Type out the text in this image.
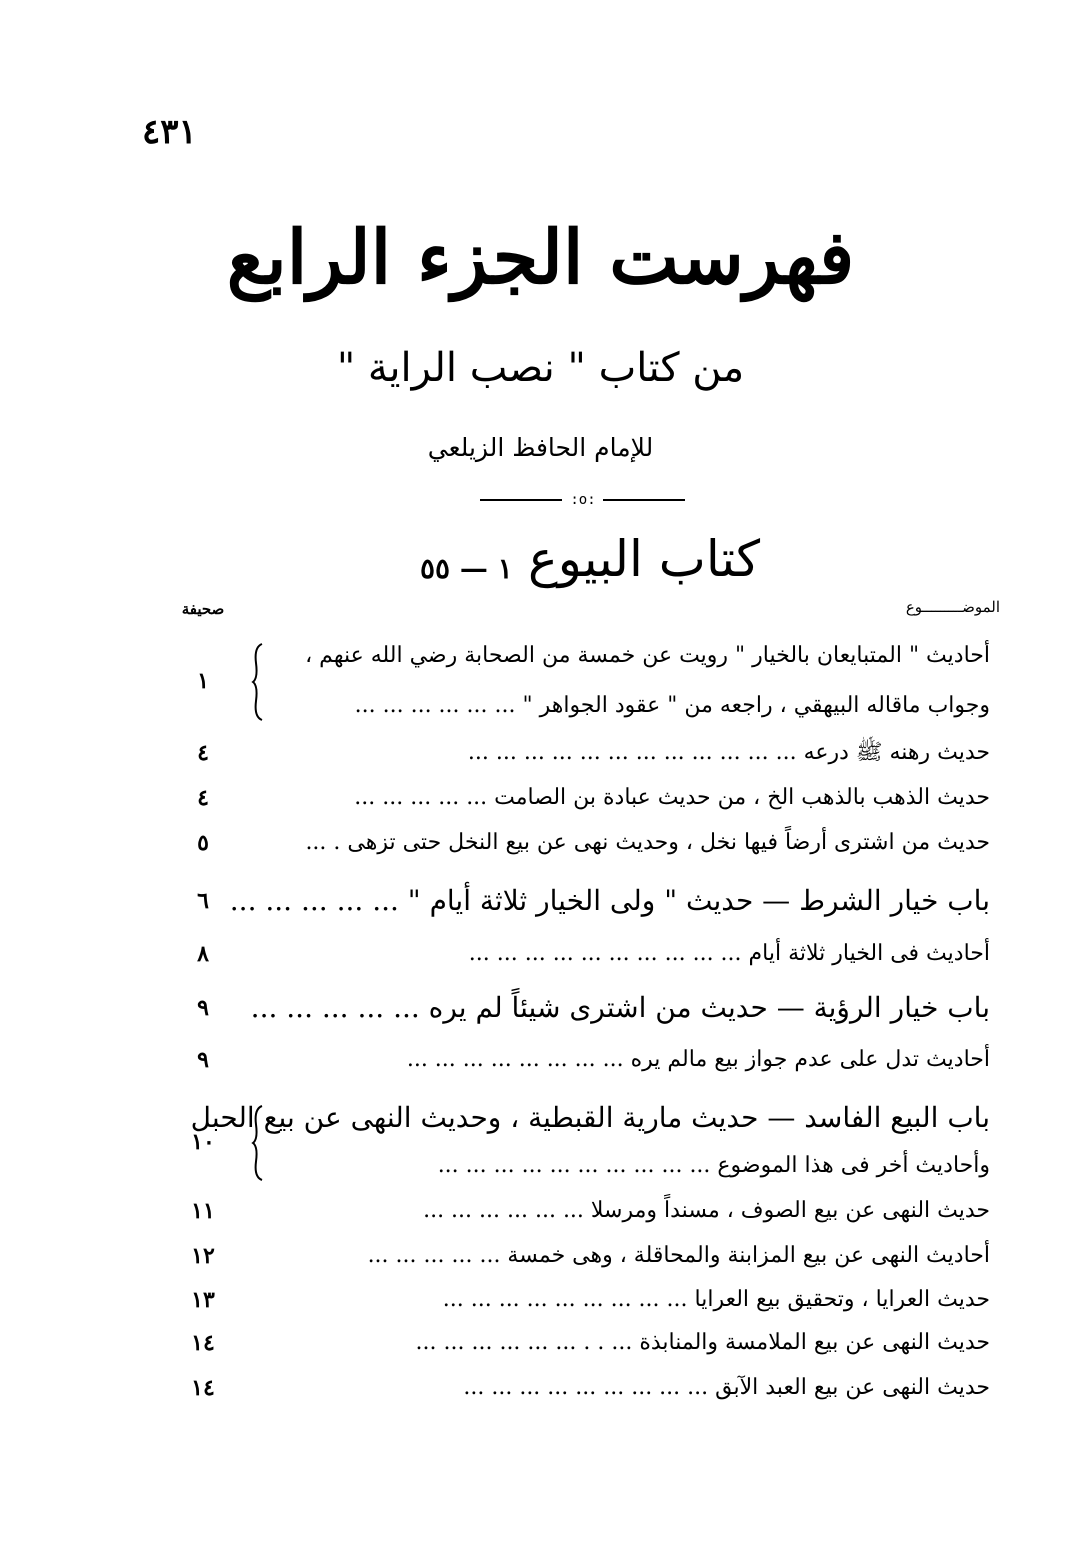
٤٣١
فهرست الجزء الرابع
من كتاب " نصب الراية "
للإمام الحافظ الزيلعي
:o:
كتاب البيوع
١ — ٥٥
الموضـــــــــوع
صحيفة
أحاديث " المتبايعان بالخيار " رويت عن خمسة من الصحابة رضي الله عنهم ،
وجواب ماقاله البيهقي ، راجعه من " عقود الجواهر " ... ... ... ... ... ...
١
حديث رهنه ﷺ درعه ... ... ... ... ... ... ... ... ... ... ... ...
٤
حديث الذهب بالذهب الخ ، من حديث عبادة بن الصامت ... ... ... ... ...
٤
حديث من اشترى أرضاً فيها نخل ، وحديث نهى عن بيع النخل حتى تزهى . ...
٥
باب خيار الشرط — حديث " ولى الخيار ثلاثة أيام " ... ... ... ... ...
٦
أحاديث فى الخيار ثلاثة أيام ... ... ... ... ... ... ... ... ... ...
٨
باب خيار الرؤية — حديث من اشترى شيئاً لم يره ... ... ... ... ...
٩
أحاديث تدل على عدم جواز بيع مالم يره ... ... ... ... ... ... ... ...
٩
باب البيع الفاسد — حديث مارية القبطية ، وحديث النهى عن بيع الحبل
وأحاديث أخر فى هذا الموضوع ... ... ... ... ... ... ... ... ... ...
١٠
حديث النهى عن بيع الصوف ، مسنداً ومرسلا ... ... ... ... ... ...
١١
أحاديث النهى عن بيع المزابنة والمحاقلة ، وهى خمسة ... ... ... ... ...
١٢
حديث العرايا ، وتحقيق بيع العرايا ... ... ... ... ... ... ... ... ...
١٣
حديث النهى عن بيع الملامسة والمنابذة ... . . ... ... ... ... ... ...
١٤
حديث النهى عن بيع العبد الآبق ... ... ... ... ... ... ... ... ...
١٤
